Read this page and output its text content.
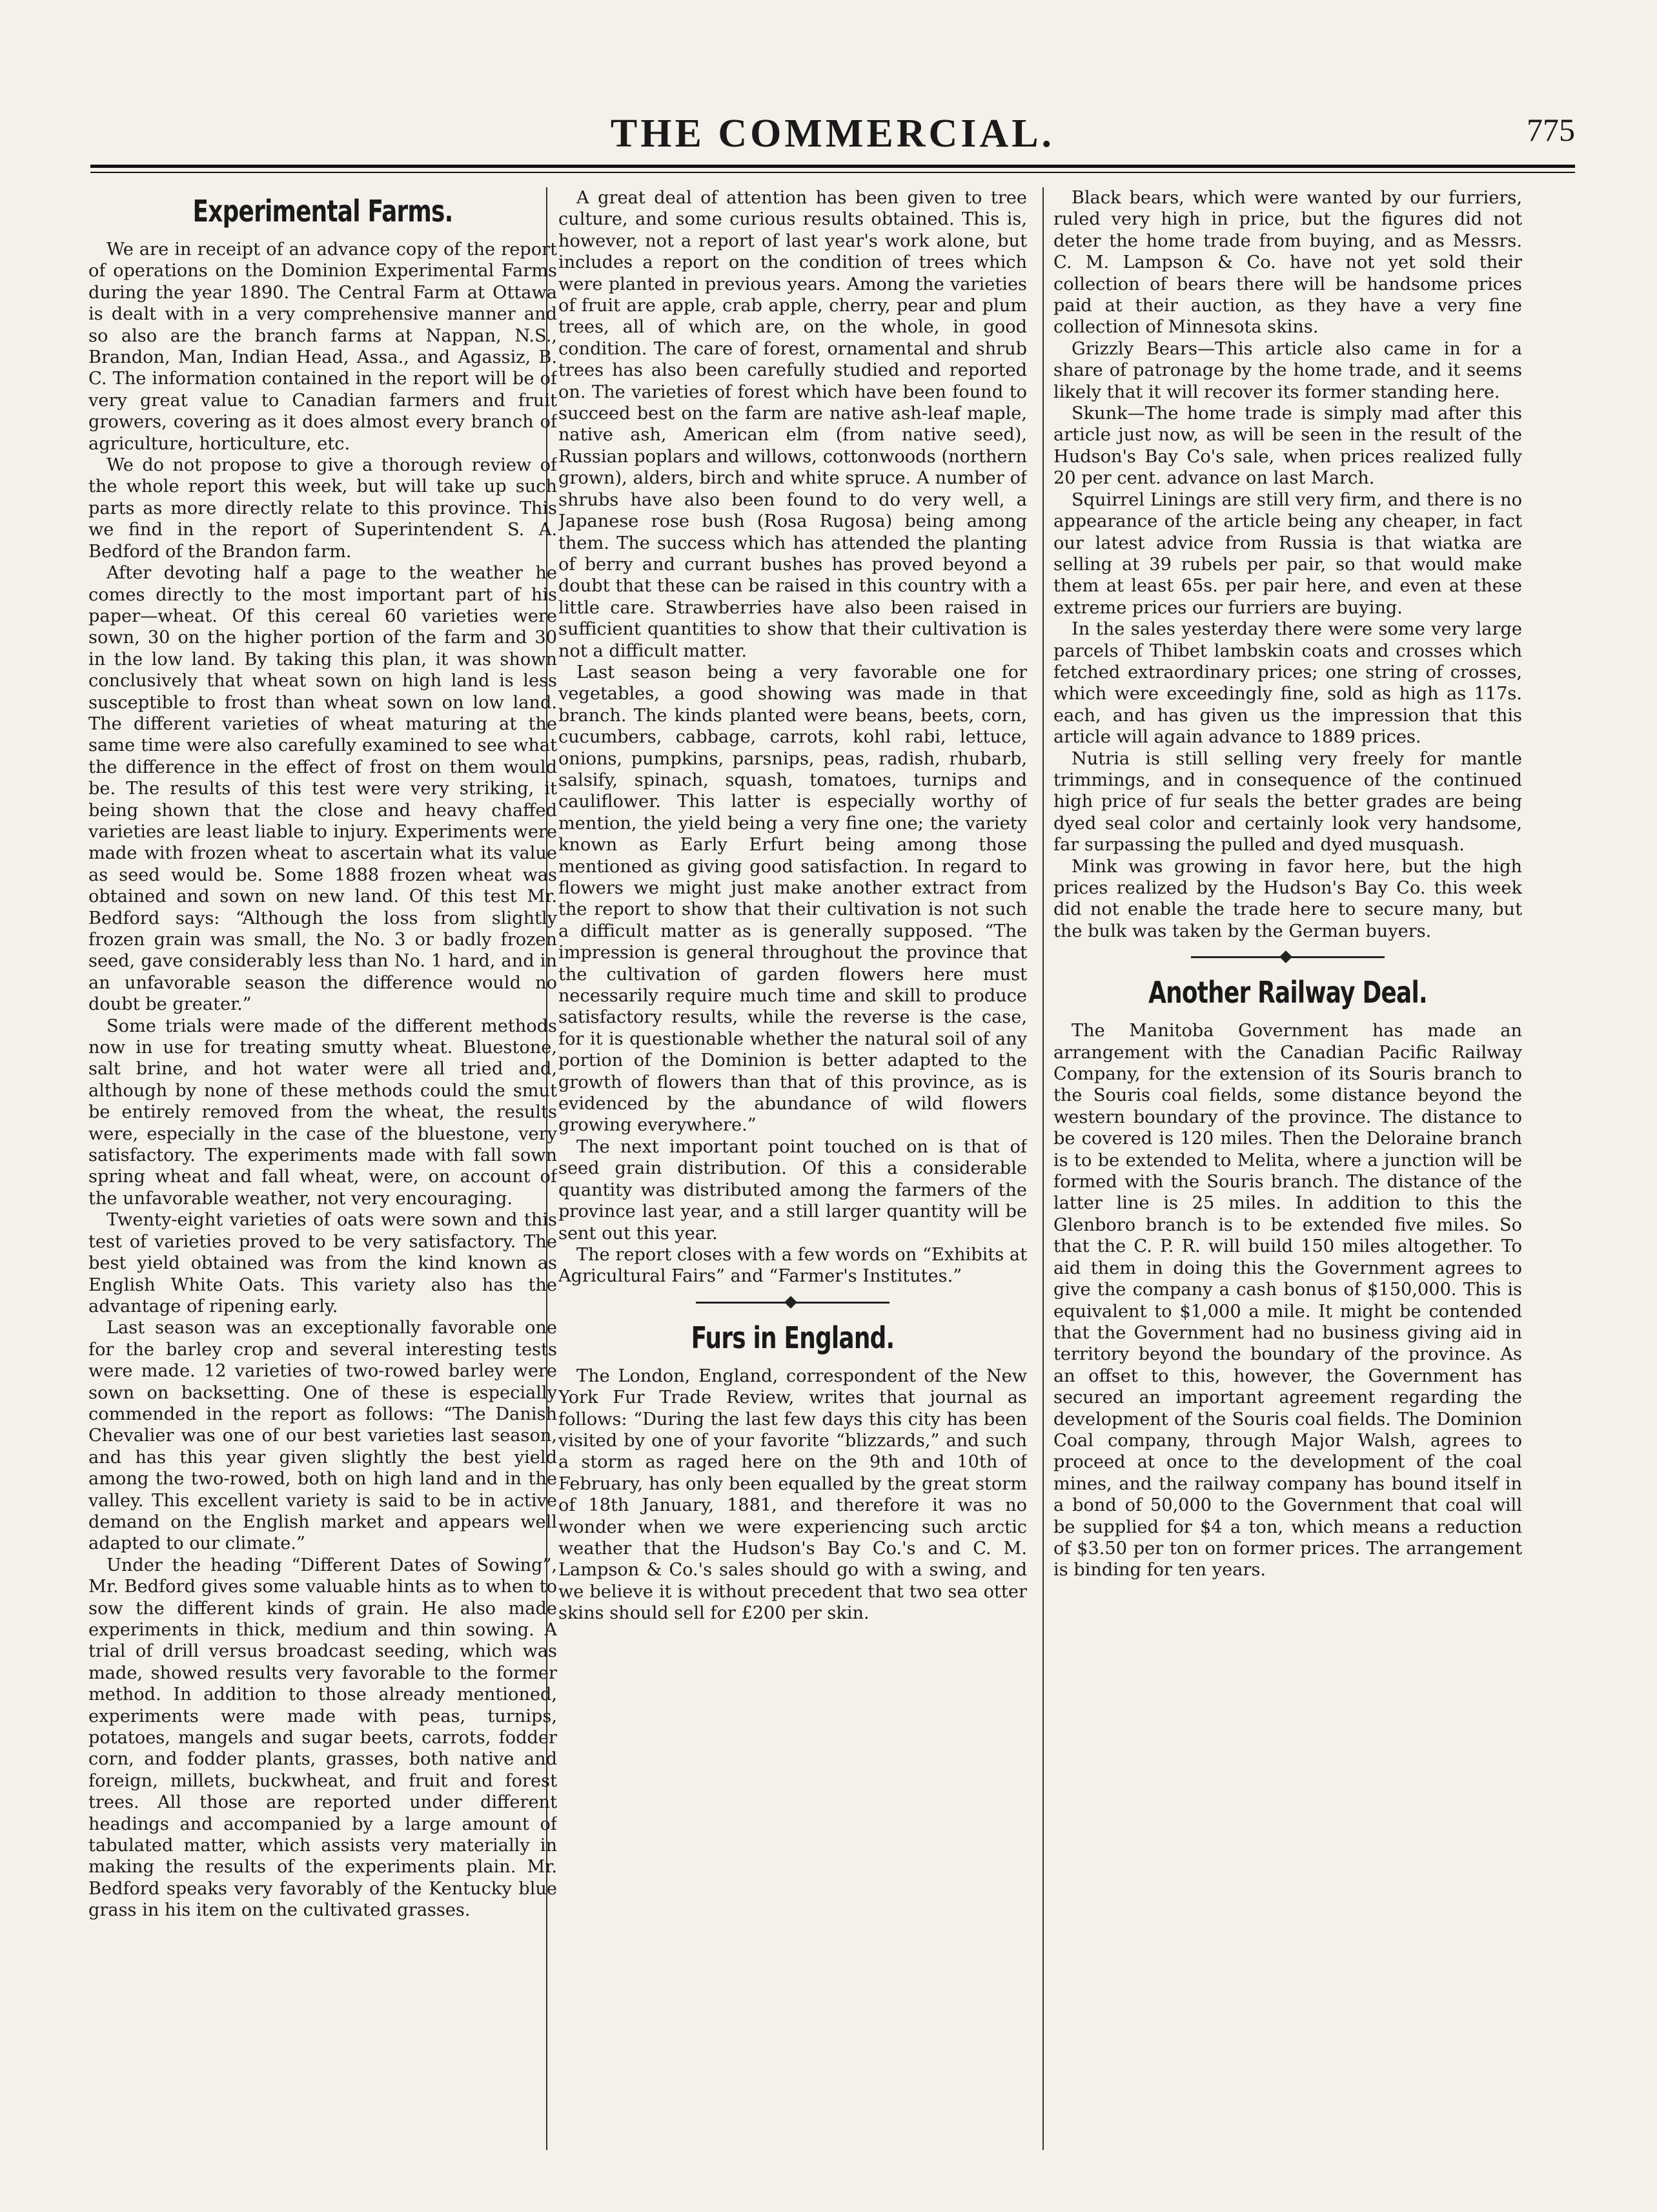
THE COMMERCIAL.	775
Experimental Farms.

We are in receipt of an advance copy of the report of operations on the Dominion Experimental Farms during the year 1890. The Central Farm at Ottawa is dealt with in a very comprehensive manner and so also are the branch farms at Nappan, N.S., Brandon, Man, Indian Head, Assa., and Agassiz, B. C. The information contained in the report will be of very great value to Canadian farmers and fruit growers, covering as it does almost every branch of agriculture, horticulture, etc.

We do not propose to give a thorough review of the whole report this week, but will take up such parts as more directly relate to this province. This we find in the report of Superintendent S. A. Bedford of the Brandon farm.

After devoting half a page to the weather he comes directly to the most important part of his paper—wheat. Of this cereal 60 varieties were sown, 30 on the higher portion of the farm and 30 in the low land. By taking this plan, it was shown conclusively that wheat sown on high land is less susceptible to frost than wheat sown on low land. The different varieties of wheat maturing at the same time were also carefully examined to see what the difference in the effect of frost on them would be. The results of this test were very striking, it being shown that the close and heavy chaffed varieties are least liable to injury. Experiments were made with frozen wheat to ascertain what its value as seed would be. Some 1888 frozen wheat was obtained and sown on new land. Of this test Mr. Bedford says: “Although the loss from slightly frozen grain was small, the No. 3 or badly frozen seed, gave considerably less than No. 1 hard, and in an unfavorable season the difference would no doubt be greater.”

Some trials were made of the different methods now in use for treating smutty wheat. Bluestone, salt brine, and hot water were all tried and, although by none of these methods could the smut be entirely removed from the wheat, the results were, especially in the case of the bluestone, very satisfactory. The experiments made with fall sown spring wheat and fall wheat, were, on account of the unfavorable weather, not very encouraging.

Twenty-eight varieties of oats were sown and this test of varieties proved to be very satisfactory. The best yield obtained was from the kind known as English White Oats. This variety also has the advantage of ripening early.

Last season was an exceptionally favorable one for the barley crop and several interesting tests were made. 12 varieties of two-rowed barley were sown on backsetting. One of these is especially commended in the report as follows: “The Danish Chevalier was one of our best varieties last season, and has this year given slightly the best yield among the two-rowed, both on high land and in the valley. This excellent variety is said to be in active demand on the English market and appears well adapted to our climate.”

Under the heading “Different Dates of Sowing”, Mr. Bedford gives some valuable hints as to when to sow the different kinds of grain. He also made experiments in thick, medium and thin sowing. A trial of drill versus broadcast seeding, which was made, showed results very favorable to the former method. In addition to those already mentioned, experiments were made with peas, turnips, potatoes, mangels and sugar beets, carrots, fodder corn, and fodder plants, grasses, both native and foreign, millets, buckwheat, and fruit and forest trees. All those are reported under different headings and accompanied by a large amount of tabulated matter, which assists very materially in making the results of the experiments plain. Mr. Bedford speaks very favorably of the Kentucky blue grass in his item on the cultivated grasses.

A great deal of attention has been given to tree culture, and some curious results obtained. This is, however, not a report of last year's work alone, but includes a report on the condition of trees which were planted in previous years. Among the varieties of fruit are apple, crab apple, cherry, pear and plum trees, all of which are, on the whole, in good condition. The care of forest, ornamental and shrub trees has also been carefully studied and reported on. The varieties of forest which have been found to succeed best on the farm are native ash-leaf maple, native ash, American elm (from native seed), Russian poplars and willows, cottonwoods (northern grown), alders, birch and white spruce. A number of shrubs have also been found to do very well, a Japanese rose bush (Rosa Rugosa) being among them. The success which has attended the planting of berry and currant bushes has proved beyond a doubt that these can be raised in this country with a little care. Strawberries have also been raised in sufficient quantities to show that their cultivation is not a difficult matter.

Last season being a very favorable one for vegetables, a good showing was made in that branch. The kinds planted were beans, beets, corn, cucumbers, cabbage, carrots, kohl rabi, lettuce, onions, pumpkins, parsnips, peas, radish, rhubarb, salsify, spinach, squash, tomatoes, turnips and cauliflower. This latter is especially worthy of mention, the yield being a very fine one; the variety known as Early Erfurt being among those mentioned as giving good satisfaction. In regard to flowers we might just make another extract from the report to show that their cultivation is not such a difficult matter as is generally supposed. “The impression is general throughout the province that the cultivation of garden flowers here must necessarily require much time and skill to produce satisfactory results, while the reverse is the case, for it is questionable whether the natural soil of any portion of the Dominion is better adapted to the growth of flowers than that of this province, as is evidenced by the abundance of wild flowers growing everywhere.”

The next important point touched on is that of seed grain distribution. Of this a considerable quantity was distributed among the farmers of the province last year, and a still larger quantity will be sent out this year.

The report closes with a few words on “Exhibits at Agricultural Fairs” and “Farmer's Institutes.”

Furs in England.

The London, England, correspondent of the New York Fur Trade Review, writes that journal as follows: “During the last few days this city has been visited by one of your favorite “blizzards,” and such a storm as raged here on the 9th and 10th of February, has only been equalled by the great storm of 18th January, 1881, and therefore it was no wonder when we were experiencing such arctic weather that the Hudson's Bay Co.'s and C. M. Lampson & Co.'s sales should go with a swing, and we believe it is without precedent that two sea otter skins should sell for £200 per skin.

Black bears, which were wanted by our furriers, ruled very high in price, but the figures did not deter the home trade from buying, and as Messrs. C. M. Lampson & Co. have not yet sold their collection of bears there will be handsome prices paid at their auction, as they have a very fine collection of Minnesota skins.

Grizzly Bears—This article also came in for a share of patronage by the home trade, and it seems likely that it will recover its former standing here.

Skunk—The home trade is simply mad after this article just now, as will be seen in the result of the Hudson's Bay Co's sale, when prices realized fully 20 per cent. advance on last March.

Squirrel Linings are still very firm, and there is no appearance of the article being any cheaper, in fact our latest advice from Russia is that wiatka are selling at 39 rubels per pair, so that would make them at least 65s. per pair here, and even at these extreme prices our furriers are buying.

In the sales yesterday there were some very large parcels of Thibet lambskin coats and crosses which fetched extraordinary prices; one string of crosses, which were exceedingly fine, sold as high as 117s. each, and has given us the impression that this article will again advance to 1889 prices.

Nutria is still selling very freely for mantle trimmings, and in consequence of the continued high price of fur seals the better grades are being dyed seal color and certainly look very handsome, far surpassing the pulled and dyed musquash.

Mink was growing in favor here, but the high prices realized by the Hudson's Bay Co. this week did not enable the trade here to secure many, but the bulk was taken by the German buyers.

Another Railway Deal.

The Manitoba Government has made an arrangement with the Canadian Pacific Railway Company, for the extension of its Souris branch to the Souris coal fields, some distance beyond the western boundary of the province. The distance to be covered is 120 miles. Then the Deloraine branch is to be extended to Melita, where a junction will be formed with the Souris branch. The distance of the latter line is 25 miles. In addition to this the Glenboro branch is to be extended five miles. So that the C. P. R. will build 150 miles altogether. To aid them in doing this the Government agrees to give the company a cash bonus of $150,000. This is equivalent to $1,000 a mile. It might be contended that the Government had no business giving aid in territory beyond the boundary of the province. As an offset to this, however, the Government has secured an important agreement regarding the development of the Souris coal fields. The Dominion Coal company, through Major Walsh, agrees to proceed at once to the development of the coal mines, and the railway company has bound itself in a bond of 50,000 to the Government that coal will be supplied for $4 a ton, which means a reduction of $3.50 per ton on former prices. The arrangement is binding for ten years.
